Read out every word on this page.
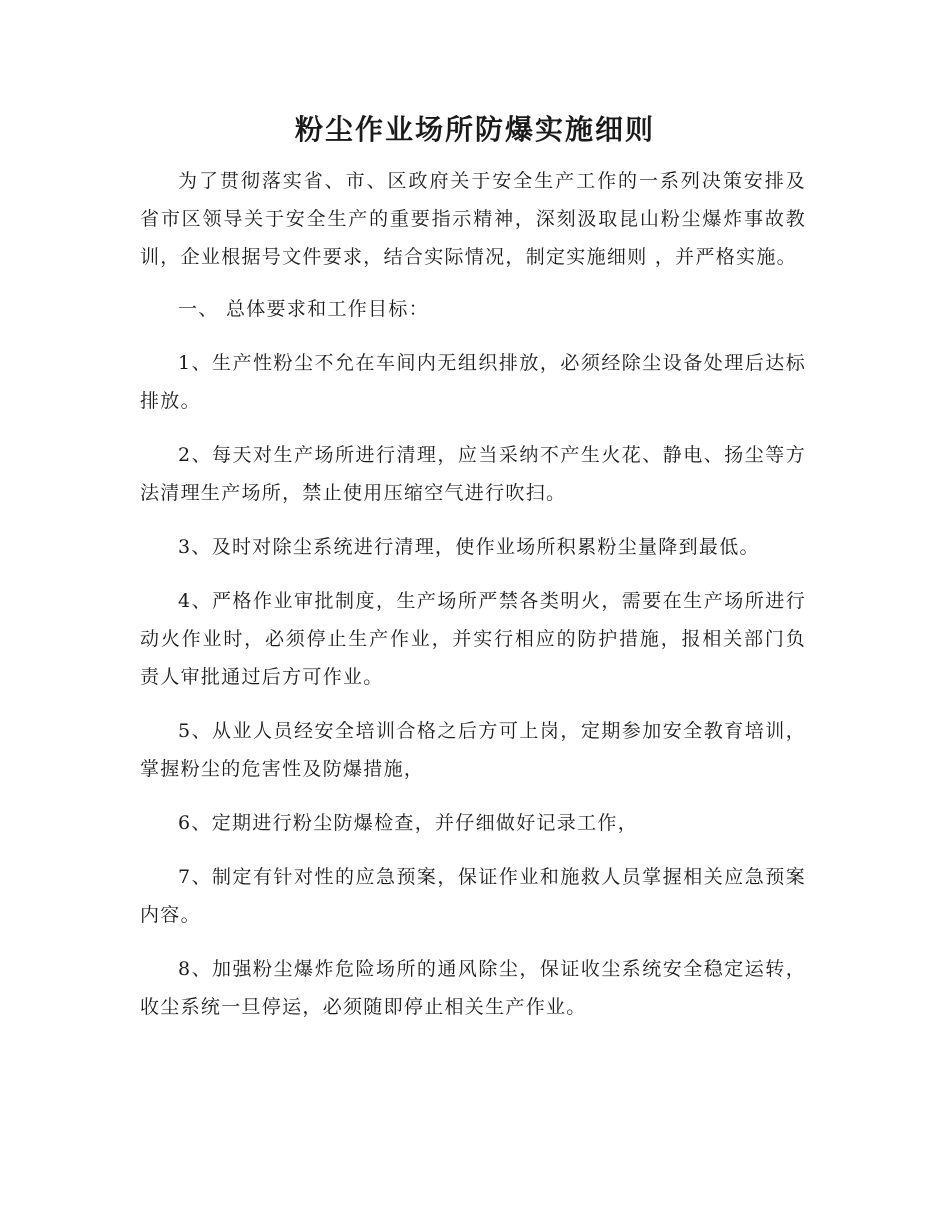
粉尘作业场所防爆实施细则

为了贯彻落实省、市、区政府关于安全生产工作的一系列决策安排及省市区领导关于安全生产的重要指示精神，深刻汲取昆山粉尘爆炸事故教训，企业根据号文件要求，结合实际情况，制定实施细则 ，并严格实施。

一、 总体要求和工作目标：

1、生产性粉尘不允在车间内无组织排放，必须经除尘设备处理后达标排放。

2、每天对生产场所进行清理，应当采纳不产生火花、静电、扬尘等方法清理生产场所，禁止使用压缩空气进行吹扫。

3、及时对除尘系统进行清理，使作业场所积累粉尘量降到最低。

4、严格作业审批制度，生产场所严禁各类明火，需要在生产场所进行动火作业时，必须停止生产作业，并实行相应的防护措施，报相关部门负责人审批通过后方可作业。

5、从业人员经安全培训合格之后方可上岗，定期参加安全教育培训，掌握粉尘的危害性及防爆措施，

6、定期进行粉尘防爆检查，并仔细做好记录工作，

7、制定有针对性的应急预案，保证作业和施救人员掌握相关应急预案内容。

8、加强粉尘爆炸危险场所的通风除尘，保证收尘系统安全稳定运转，收尘系统一旦停运，必须随即停止相关生产作业。
